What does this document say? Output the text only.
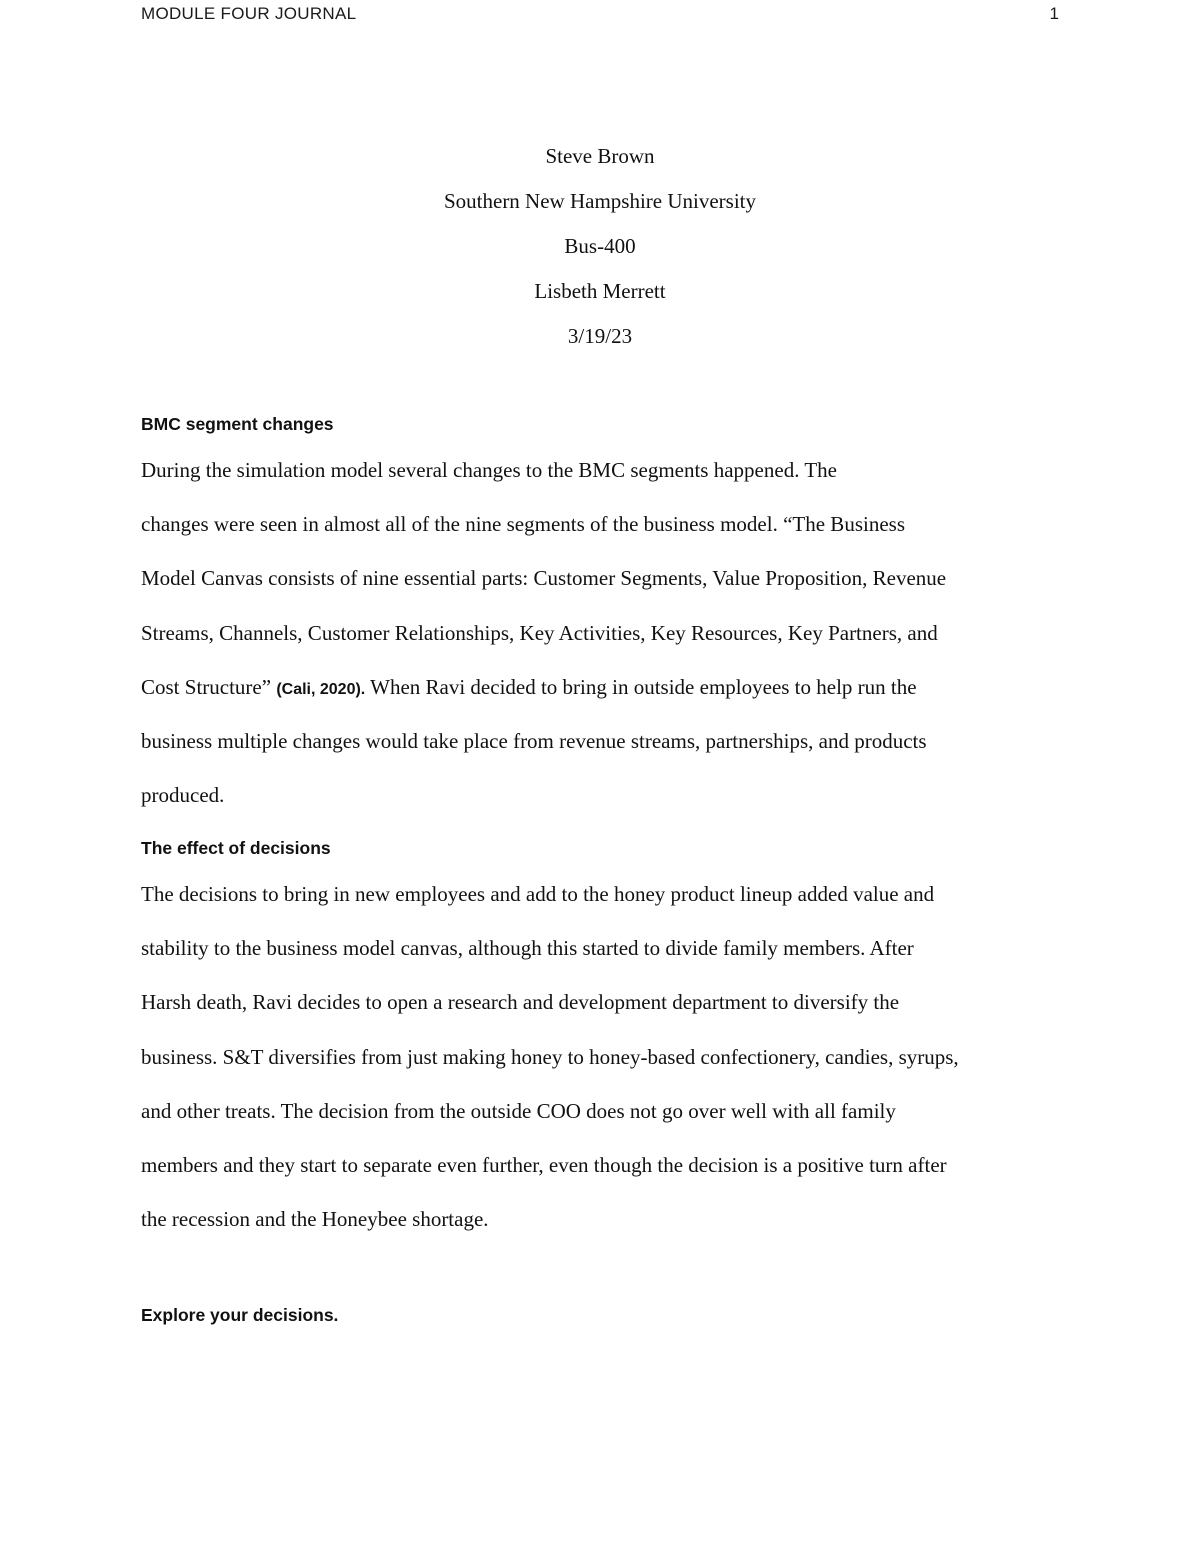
MODULE FOUR JOURNAL	1
Steve Brown
Southern New Hampshire University
Bus-400
Lisbeth Merrett
3/19/23
BMC segment changes
During the simulation model several changes to the BMC segments happened. The
changes were seen in almost all of the nine segments of the business model. “The Business
Model Canvas consists of nine essential parts: Customer Segments, Value Proposition, Revenue
Streams, Channels, Customer Relationships, Key Activities, Key Resources, Key Partners, and
Cost Structure” (Cali, 2020). When Ravi decided to bring in outside employees to help run the
business multiple changes would take place from revenue streams, partnerships, and products
produced.
The effect of decisions
The decisions to bring in new employees and add to the honey product lineup added value and
stability to the business model canvas, although this started to divide family members. After
Harsh death, Ravi decides to open a research and development department to diversify the
business. S&T diversifies from just making honey to honey-based confectionery, candies, syrups,
and other treats. The decision from the outside COO does not go over well with all family
members and they start to separate even further, even though the decision is a positive turn after
the recession and the Honeybee shortage.
Explore your decisions.
